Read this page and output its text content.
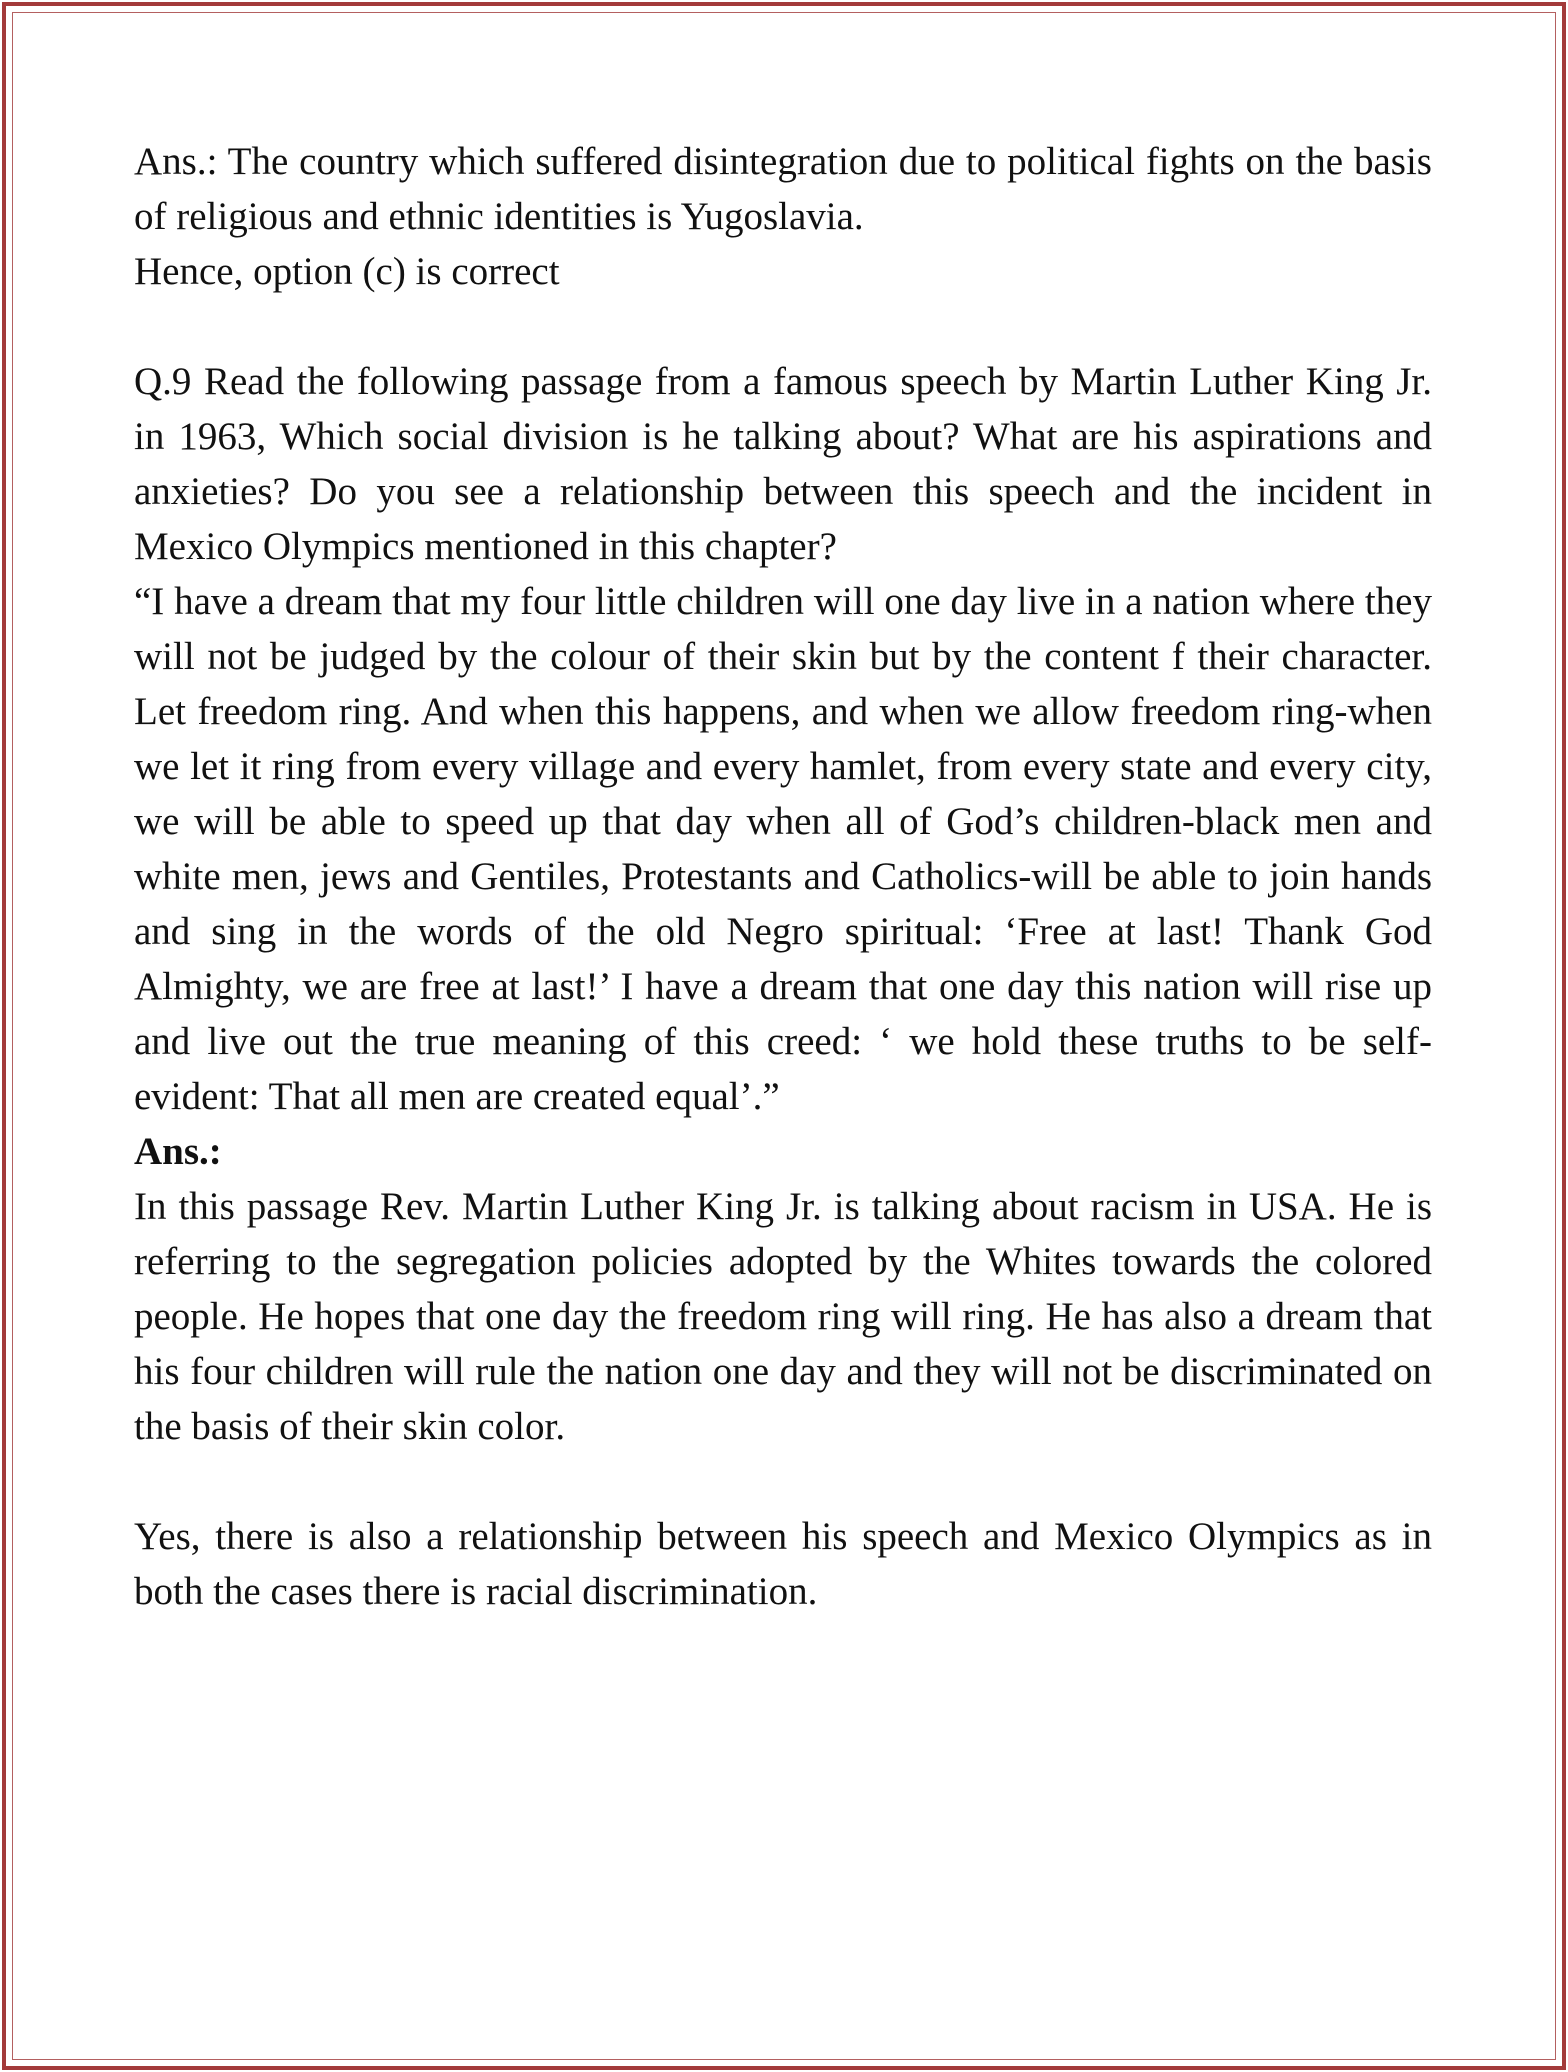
Ans.: The country which suffered disintegration due to political fights on the basis of religious and ethnic identities is Yugoslavia.

Hence, option (c) is correct

Q.9 Read the following passage from a famous speech by Martin Luther King Jr. in 1963, Which social division is he talking about? What are his aspirations and anxieties? Do you see a relationship between this speech and the incident in Mexico Olympics mentioned in this chapter?

“I have a dream that my four little children will one day live in a nation where they will not be judged by the colour of their skin but by the content f their character. Let freedom ring. And when this happens, and when we allow freedom ring-when we let it ring from every village and every hamlet, from every state and every city, we will be able to speed up that day when all of God’s children-black men and white men, jews and Gentiles, Protestants and Catholics-will be able to join hands and sing in the words of the old Negro spiritual: ‘Free at last! Thank God Almighty, we are free at last!’ I have a dream that one day this nation will rise up and live out the true meaning of this creed: ‘ we hold these truths to be self-evident: That all men are created equal’.”

Ans.:

In this passage Rev. Martin Luther King Jr. is talking about racism in USA. He is referring to the segregation policies adopted by the Whites towards the colored people. He hopes that one day the freedom ring will ring. He has also a dream that his four children will rule the nation one day and they will not be discriminated on the basis of their skin color.

Yes, there is also a relationship between his speech and Mexico Olympics as in both the cases there is racial discrimination.
